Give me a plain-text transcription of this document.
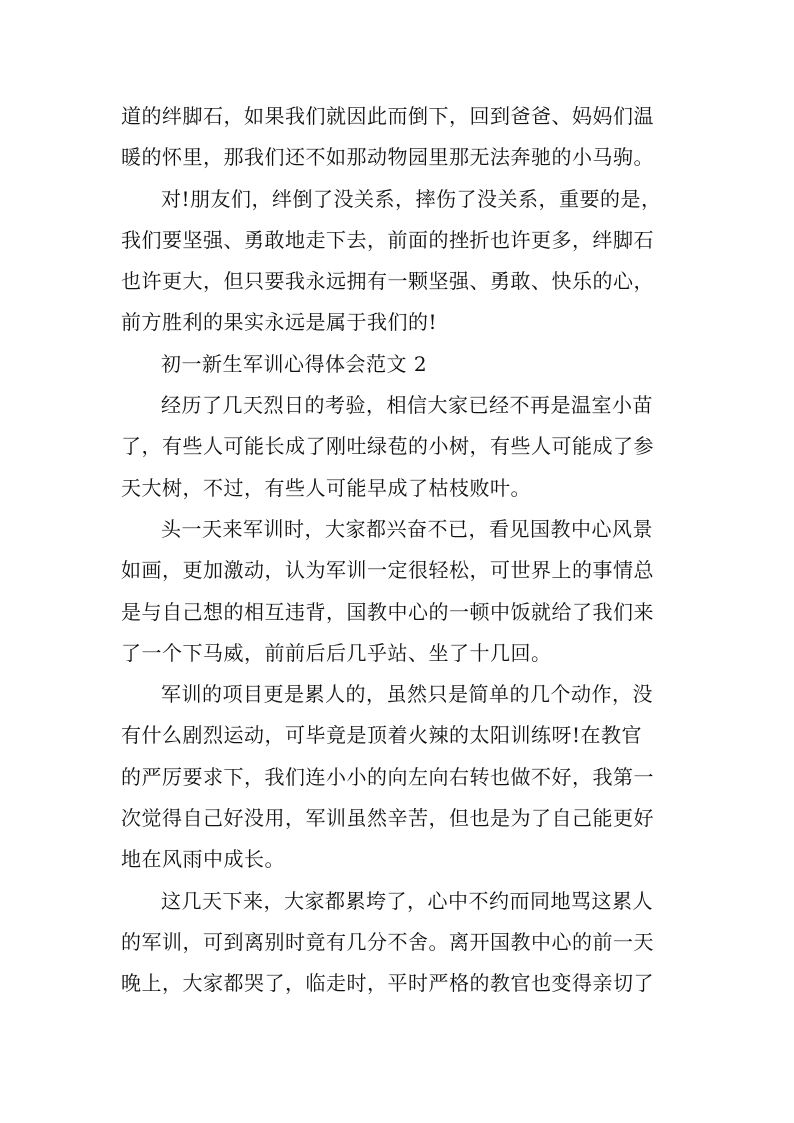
道的绊脚石，如果我们就因此而倒下，回到爸爸、妈妈们温
暖的怀里，那我们还不如那动物园里那无法奔驰的小马驹。

对!朋友们，绊倒了没关系，摔伤了没关系，重要的是，
我们要坚强、勇敢地走下去，前面的挫折也许更多，绊脚石
也许更大，但只要我永远拥有一颗坚强、勇敢、快乐的心，
前方胜利的果实永远是属于我们的!

初一新生军训心得体会范文 2

经历了几天烈日的考验，相信大家已经不再是温室小苗
了，有些人可能长成了刚吐绿苞的小树，有些人可能成了参
天大树，不过，有些人可能早成了枯枝败叶。

头一天来军训时，大家都兴奋不已，看见国教中心风景
如画，更加激动，认为军训一定很轻松，可世界上的事情总
是与自己想的相互违背，国教中心的一顿中饭就给了我们来
了一个下马威，前前后后几乎站、坐了十几回。

军训的项目更是累人的，虽然只是简单的几个动作，没
有什么剧烈运动，可毕竟是顶着火辣的太阳训练呀!在教官
的严厉要求下，我们连小小的向左向右转也做不好，我第一
次觉得自己好没用，军训虽然辛苦，但也是为了自己能更好
地在风雨中成长。

这几天下来，大家都累垮了，心中不约而同地骂这累人
的军训，可到离别时竟有几分不舍。离开国教中心的前一天
晚上，大家都哭了，临走时，平时严格的教官也变得亲切了
